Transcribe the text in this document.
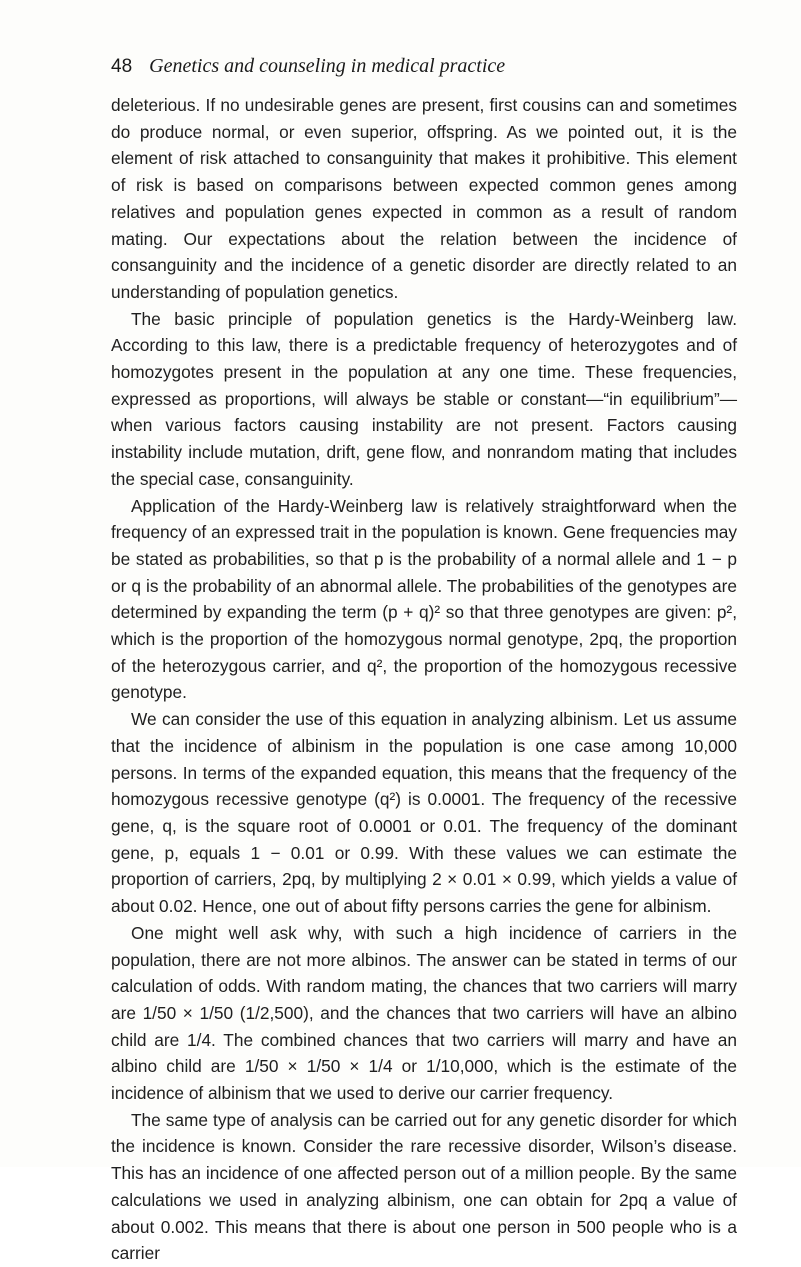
48 Genetics and counseling in medical practice

deleterious. If no undesirable genes are present, first cousins can and sometimes do produce normal, or even superior, offspring. As we pointed out, it is the element of risk attached to consanguinity that makes it prohibitive. This element of risk is based on comparisons between expected common genes among relatives and population genes expected in common as a result of random mating. Our expectations about the relation between the incidence of consanguinity and the incidence of a genetic disorder are directly related to an understanding of population genetics.

The basic principle of population genetics is the Hardy-Weinberg law. According to this law, there is a predictable frequency of heterozygotes and of homozygotes present in the population at any one time. These frequencies, expressed as proportions, will always be stable or constant—“in equilibrium”—when various factors causing instability are not present. Factors causing instability include mutation, drift, gene flow, and nonrandom mating that includes the special case, consanguinity.

Application of the Hardy-Weinberg law is relatively straightforward when the frequency of an expressed trait in the population is known. Gene frequencies may be stated as probabilities, so that p is the probability of a normal allele and 1 − p or q is the probability of an abnormal allele. The probabilities of the genotypes are determined by expanding the term (p + q)² so that three genotypes are given: p², which is the proportion of the homozygous normal genotype, 2pq, the proportion of the heterozygous carrier, and q², the proportion of the homozygous recessive genotype.

We can consider the use of this equation in analyzing albinism. Let us assume that the incidence of albinism in the population is one case among 10,000 persons. In terms of the expanded equation, this means that the frequency of the homozygous recessive genotype (q²) is 0.0001. The frequency of the recessive gene, q, is the square root of 0.0001 or 0.01. The frequency of the dominant gene, p, equals 1 − 0.01 or 0.99. With these values we can estimate the proportion of carriers, 2pq, by multiplying 2 × 0.01 × 0.99, which yields a value of about 0.02. Hence, one out of about fifty persons carries the gene for albinism.

One might well ask why, with such a high incidence of carriers in the population, there are not more albinos. The answer can be stated in terms of our calculation of odds. With random mating, the chances that two carriers will marry are 1/50 × 1/50 (1/2,500), and the chances that two carriers will have an albino child are 1/4. The combined chances that two carriers will marry and have an albino child are 1/50 × 1/50 × 1/4 or 1/10,000, which is the estimate of the incidence of albinism that we used to derive our carrier frequency.

The same type of analysis can be carried out for any genetic disorder for which the incidence is known. Consider the rare recessive disorder, Wilson’s disease. This has an incidence of one affected person out of a million people. By the same calculations we used in analyzing albinism, one can obtain for 2pq a value of about 0.002. This means that there is about one person in 500 people who is a carrier
